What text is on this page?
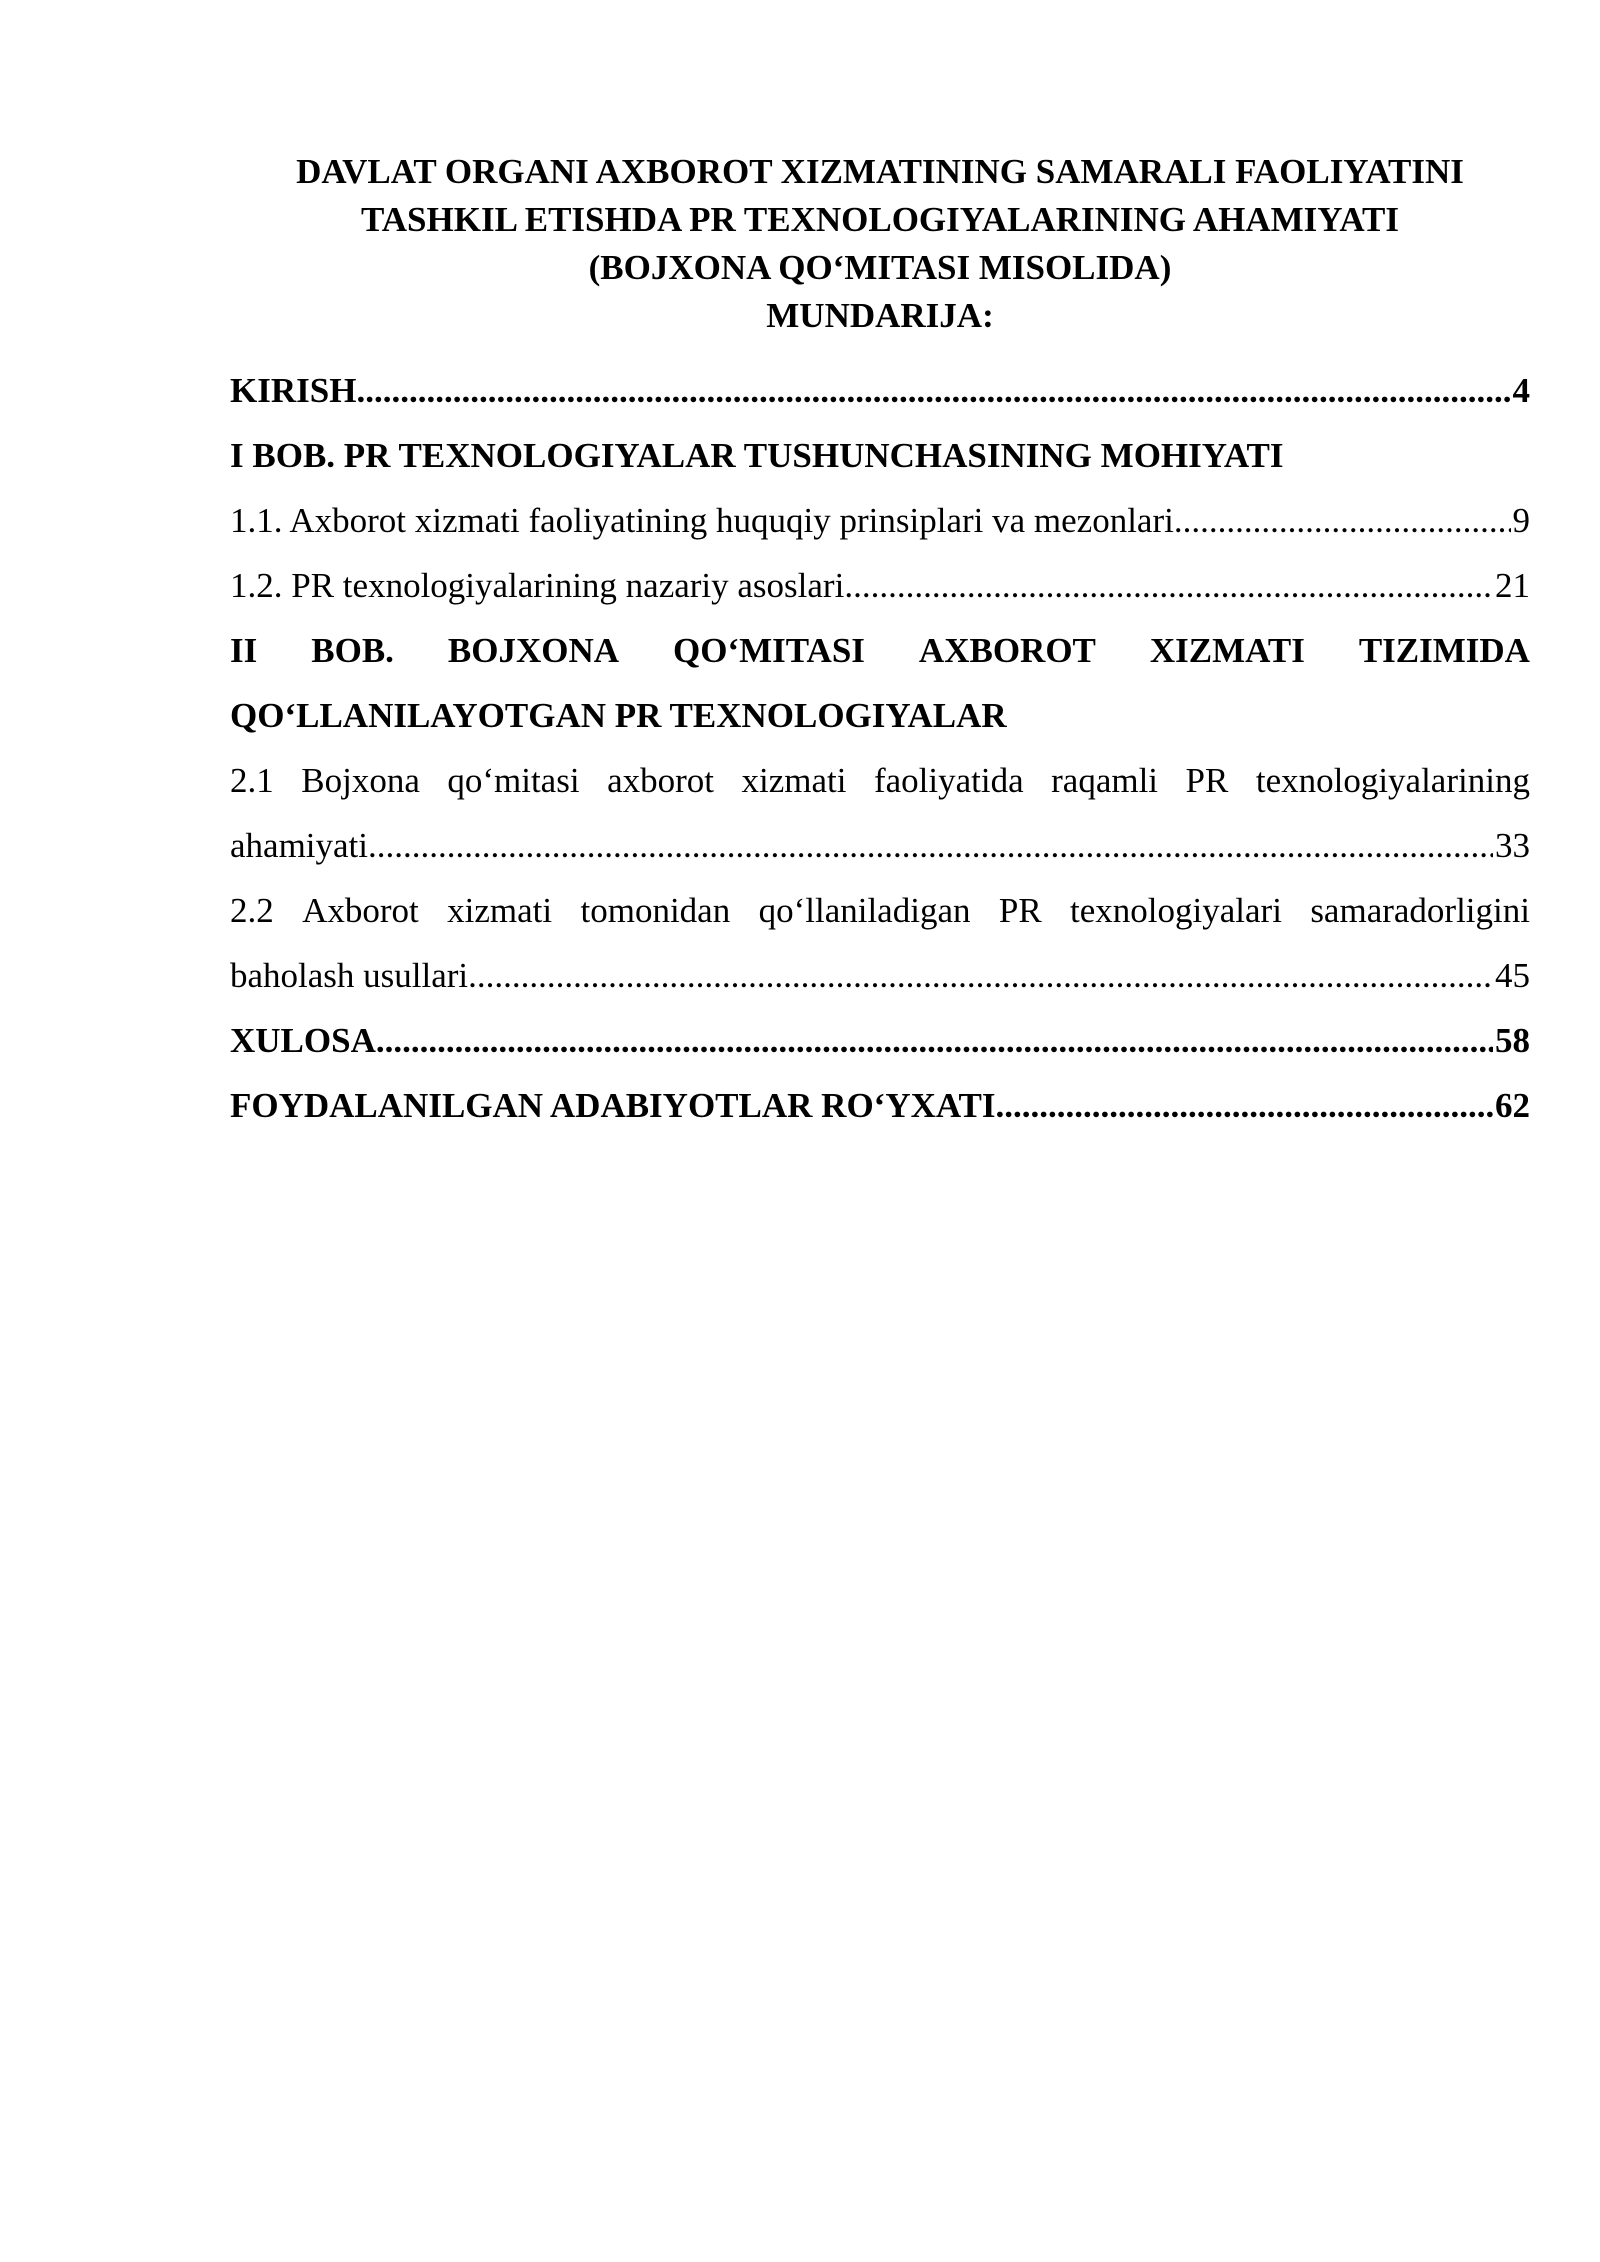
DAVLAT ORGANI AXBOROT XIZMATINING SAMARALI FAOLIYATINI
TASHKIL ETISHDA PR TEXNOLOGIYALARINING AHAMIYATI
(BOJXONA QO‘MITASI MISOLIDA)
MUNDARIJA:
KIRISH .....	4
I BOB. PR TEXNOLOGIYALAR TUSHUNCHASINING MOHIYATI
1.1. Axborot xizmati faoliyatining huquqiy prinsiplari va mezonlari .....	9
1.2. PR texnologiyalarining nazariy asoslari .....	21
II BOB. BOJXONA QO‘MITASI AXBOROT XIZMATI TIZIMIDA
QO‘LLANILAYOTGAN PR TEXNOLOGIYALAR
2.1 Bojxona qo‘mitasi axborot xizmati faoliyatida raqamli PR texnologiyalarining
ahamiyati .....	33
2.2 Axborot xizmati tomonidan qo‘llaniladigan PR texnologiyalari samaradorligini
baholash usullari .....	45
XULOSA .....	58
FOYDALANILGAN ADABIYOTLAR RO‘YXATI .....	62
